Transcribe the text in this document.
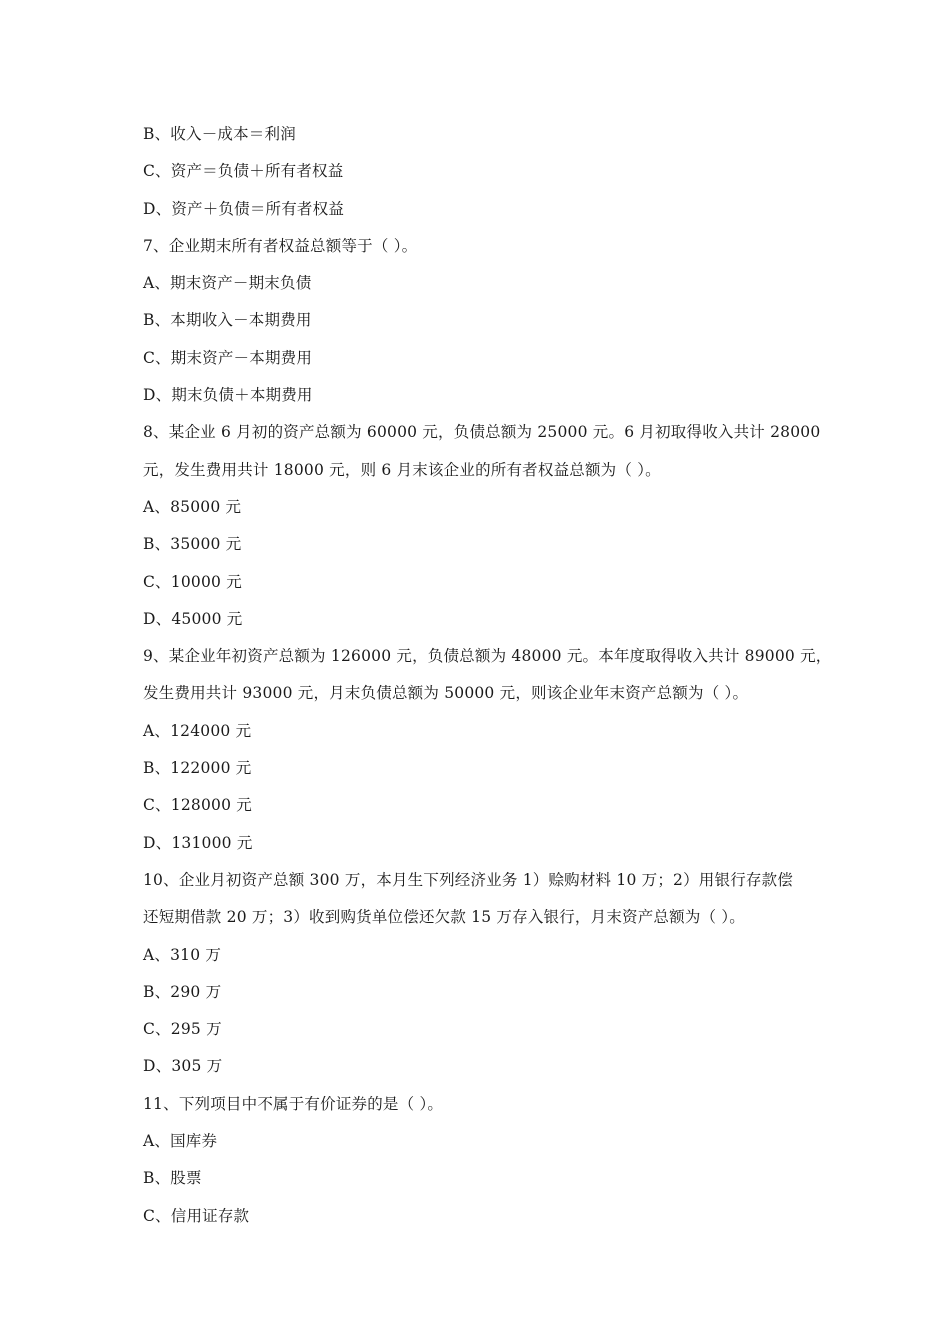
B、收入－成本＝利润
C、资产＝负债＋所有者权益
D、资产＋负债＝所有者权益
7、企业期末所有者权益总额等于（ ）。
A、期末资产－期末负债
B、本期收入－本期费用
C、期末资产－本期费用
D、期末负债＋本期费用
8、某企业 6 月初的资产总额为 60000 元，负债总额为 25000 元。6 月初取得收入共计 28000
元，发生费用共计 18000 元，则 6 月末该企业的所有者权益总额为（ ）。
A、85000 元
B、35000 元
C、10000 元
D、45000 元
9、某企业年初资产总额为 126000 元，负债总额为 48000 元。本年度取得收入共计 89000 元，
发生费用共计 93000 元，月末负债总额为 50000 元，则该企业年末资产总额为（ ）。
A、124000 元
B、122000 元
C、128000 元
D、131000 元
10、企业月初资产总额 300 万，本月生下列经济业务 1）赊购材料 10 万；2）用银行存款偿
还短期借款 20 万；3）收到购货单位偿还欠款 15 万存入银行，月末资产总额为（ ）。
A、310 万
B、290 万
C、295 万
D、305 万
11、下列项目中不属于有价证券的是（ ）。
A、国库券
B、股票
C、信用证存款
